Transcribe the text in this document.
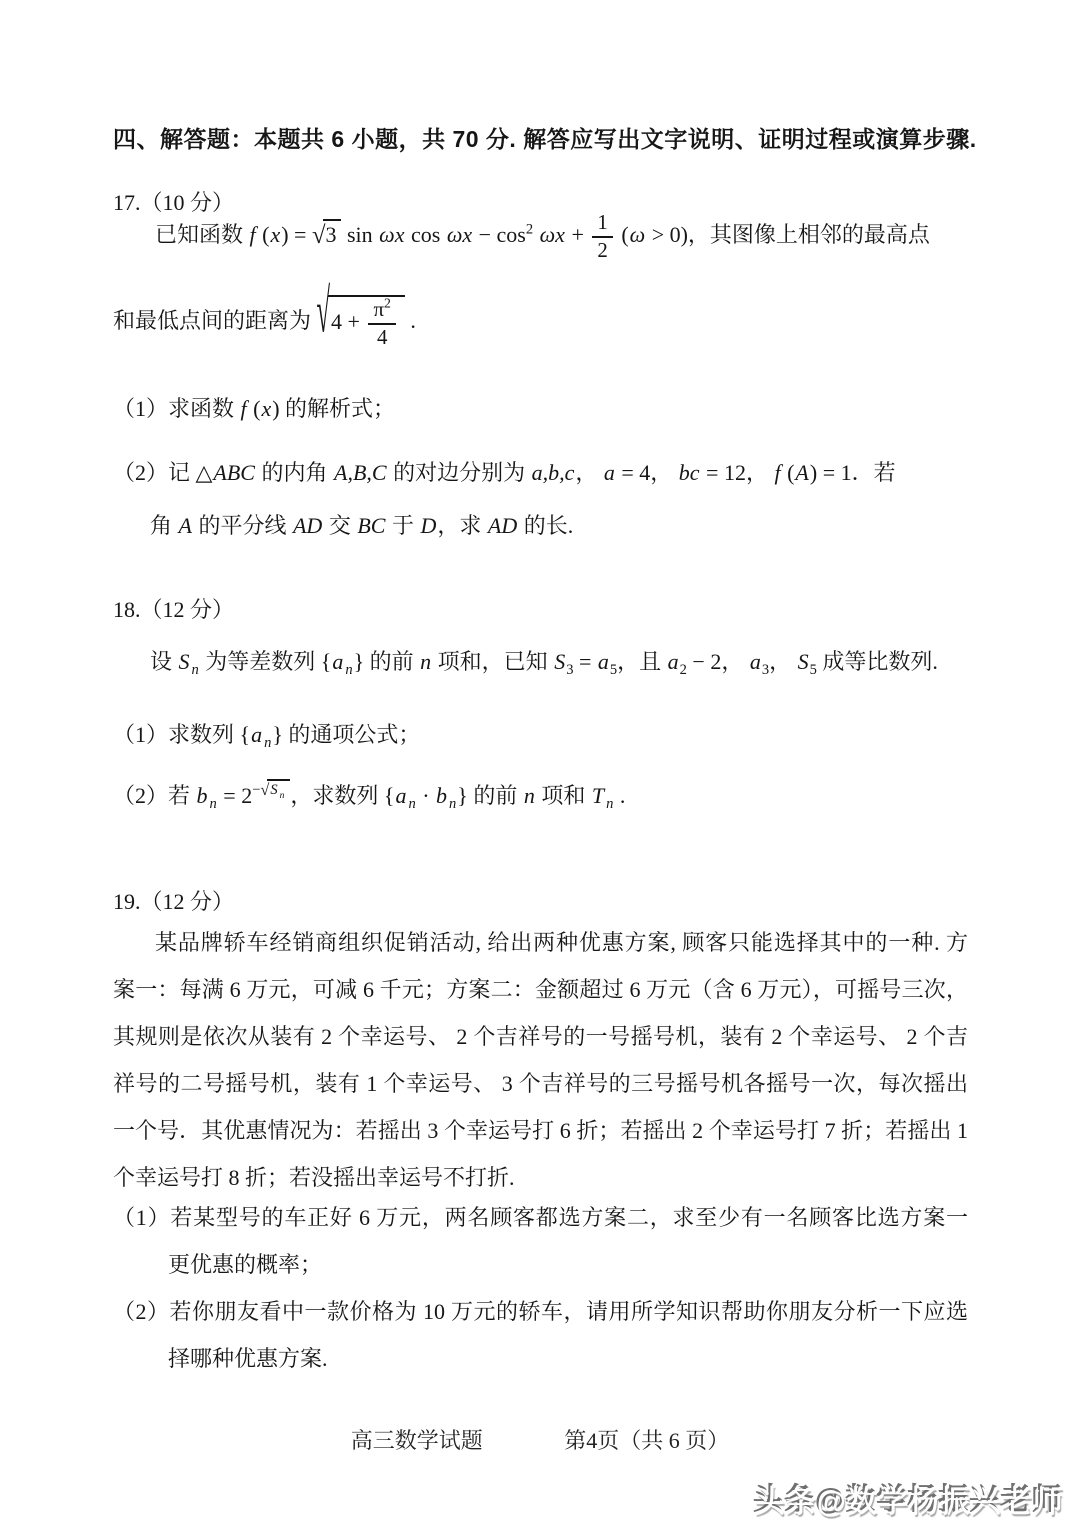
四、解答题：本题共 6 小题，共 70 分. 解答应写出文字说明、证明过程或演算步骤.

17.（10 分）

已知函数 f (x) = √3 sin ωx $\cos \omega x - \cos^2 \omega x + \frac{1}{2} (\omega > 0)$，其图像上相邻的最高点

和最低点间的距离为 $√4 + \frac{\pi^2}{4}$ .

（1）求函数 f (x) 的解析式；

（2）记 △ABC 的内角 A,B,C 的对边分别为 a,b,c， a = 4， bc = 12， f (A) = 1．若

角 A 的平分线 AD 交 BC 于 D，求 AD 的长.

18.（12 分）

设 S $_n$ 为等差数列 {a $_n$} 的前 n 项和，已知 $S_3 = a_5$，且 $a_2 - 2$， $a_3$， $S_5$ 成等比数列.

（1）求数列 {a $_n$} 的通项公式；

（2）若 b $_n = 2^{-√S _n}$ ，求数列 {a $_n$ · b $_n$} 的前 n 项和 T $_n$ .

19.（12 分）

某品牌轿车经销商组织促销活动, 给出两种优惠方案, 顾客只能选择其中的一种. 方

案一：每满 6 万元，可减 6 千元；方案二：金额超过 6 万元（含 6 万元），可摇号三次，

其规则是依次从装有 2 个幸运号、 2 个吉祥号的一号摇号机，装有 2 个幸运号、 2 个吉

祥号的二号摇号机，装有 1 个幸运号、 3 个吉祥号的三号摇号机各摇号一次，每次摇出

一个号．其优惠情况为：若摇出 3 个幸运号打 6 折；若摇出 2 个幸运号打 7 折；若摇出 1

个幸运号打 8 折；若没摇出幸运号不打折.

（1）若某型号的车正好 6 万元，两名顾客都选方案二，求至少有一名顾客比选方案一

更优惠的概率；

（2）若你朋友看中一款价格为 10 万元的轿车，请用所学知识帮助你朋友分析一下应选

择哪种优惠方案.

高三数学试题	第4页（共 6 页）
头条@数学杨振兴老师
